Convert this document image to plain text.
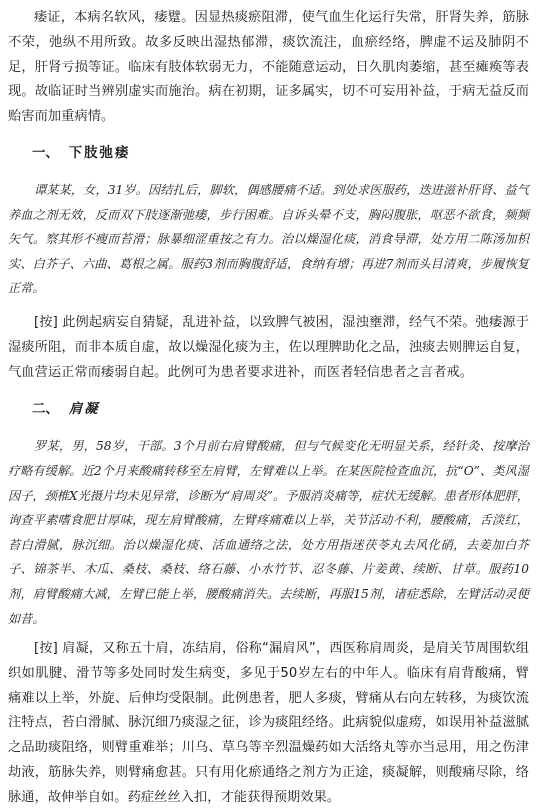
痿证，本病名软风，痿躄。因显热痰瘀阻滞，使气血生化运行失常，肝肾失养，筋脉不荣，弛纵不用所致。故多反映出湿热郁滞，痰饮流注，血瘀经络，脾虚不运及肺阴不足，肝肾亏损等证。临床有肢体软弱无力，不能随意运动，日久肌肉萎缩，甚至瘫痪等表现。故临证时当辨别虚实而施治。病在初期，证多属实，切不可妄用补益，于病无益反而贻害而加重病情。

一、 下肢弛痿

谭某某，女，31岁。因结扎后，脚软，偶感腰痛不适。到处求医服药，迭进滋补肝肾、益气养血之剂无效，反而双下肢逐渐弛痿，步行困难。自诉头晕不支，胸闷腹胀，呕恶不欲食，频频矢气。察其形不瘦而苔滑；脉暴细涩重按之有力。治以燥湿化痰，消食导滞，处方用二陈汤加枳实、白芥子、六曲、葛根之属。服药3剂而胸腹舒适，食纳有增；再进7剂而头目清爽，步履恢复正常。

[按] 此例起病妄自猜疑，乱进补益，以致脾气被困，湿浊壅滞，经气不荣。弛痿源于湿痰所阻，而非本质自虚，故以燥湿化痰为主，佐以理脾助化之品，浊痰去则脾运自复，气血营运正常而痿弱自起。此例可为患者要求进补，而医者轻信患者之言者戒。

二、 肩凝

罗某，男，58岁，干部。3个月前右肩臂酸痛，但与气候变化无明显关系，经针灸、按摩治疗略有缓解。近2个月来酸痛转移至左肩臂，左臂难以上举。在某医院检查血沉，抗“O”、类风湿因子，颈椎X光摄片均未见异常，诊断为“肩周炎”。予服消炎痛等，症状无缓解。患者形体肥胖，询查平素嗜食肥甘厚味，现左肩臂酸痛，左臂疼痛难以上举，关节活动不利，腰酸痛，舌淡红，苔白滑腻，脉沉细。治以燥湿化痰、活血通络之法，处方用指迷茯苓丸去风化硝，去姜加白芥子、锦茶半、木瓜、桑枝、桑枝、络石藤、小水竹节、忍冬藤、片姜黄、续断、甘草。服药10剂，肩臂酸痛大减，左臂已能上举，腰酸痛消失。去续断，再服15剂，诸症悉除，左臂活动灵便如昔。

[按] 肩凝，又称五十肩，冻结肩，俗称“漏肩风”，西医称肩周炎，是肩关节周围软组织如肌腱、滑节等多处同时发生病变，多见于50岁左右的中年人。临床有肩背酸痛，臂痛难以上举，外旋、后伸均受限制。此例患者，肥人多痰，臂痛从右向左转移，为痰饮流注特点，苔白滑腻、脉沉细乃痰湿之征，诊为痰阻经络。此病貌似虚痨，如误用补益滋腻之品助痰阻络，则臂重难举；川乌、草乌等辛烈温燥药如大活络丸等亦当忌用，用之伤津劫液，筋脉失养，则臂痛愈甚。只有用化瘀通络之剂方为正途，痰凝解，则酸痛尽除，络脉通，故伸举自如。药症丝丝入扣，才能获得预期效果。
